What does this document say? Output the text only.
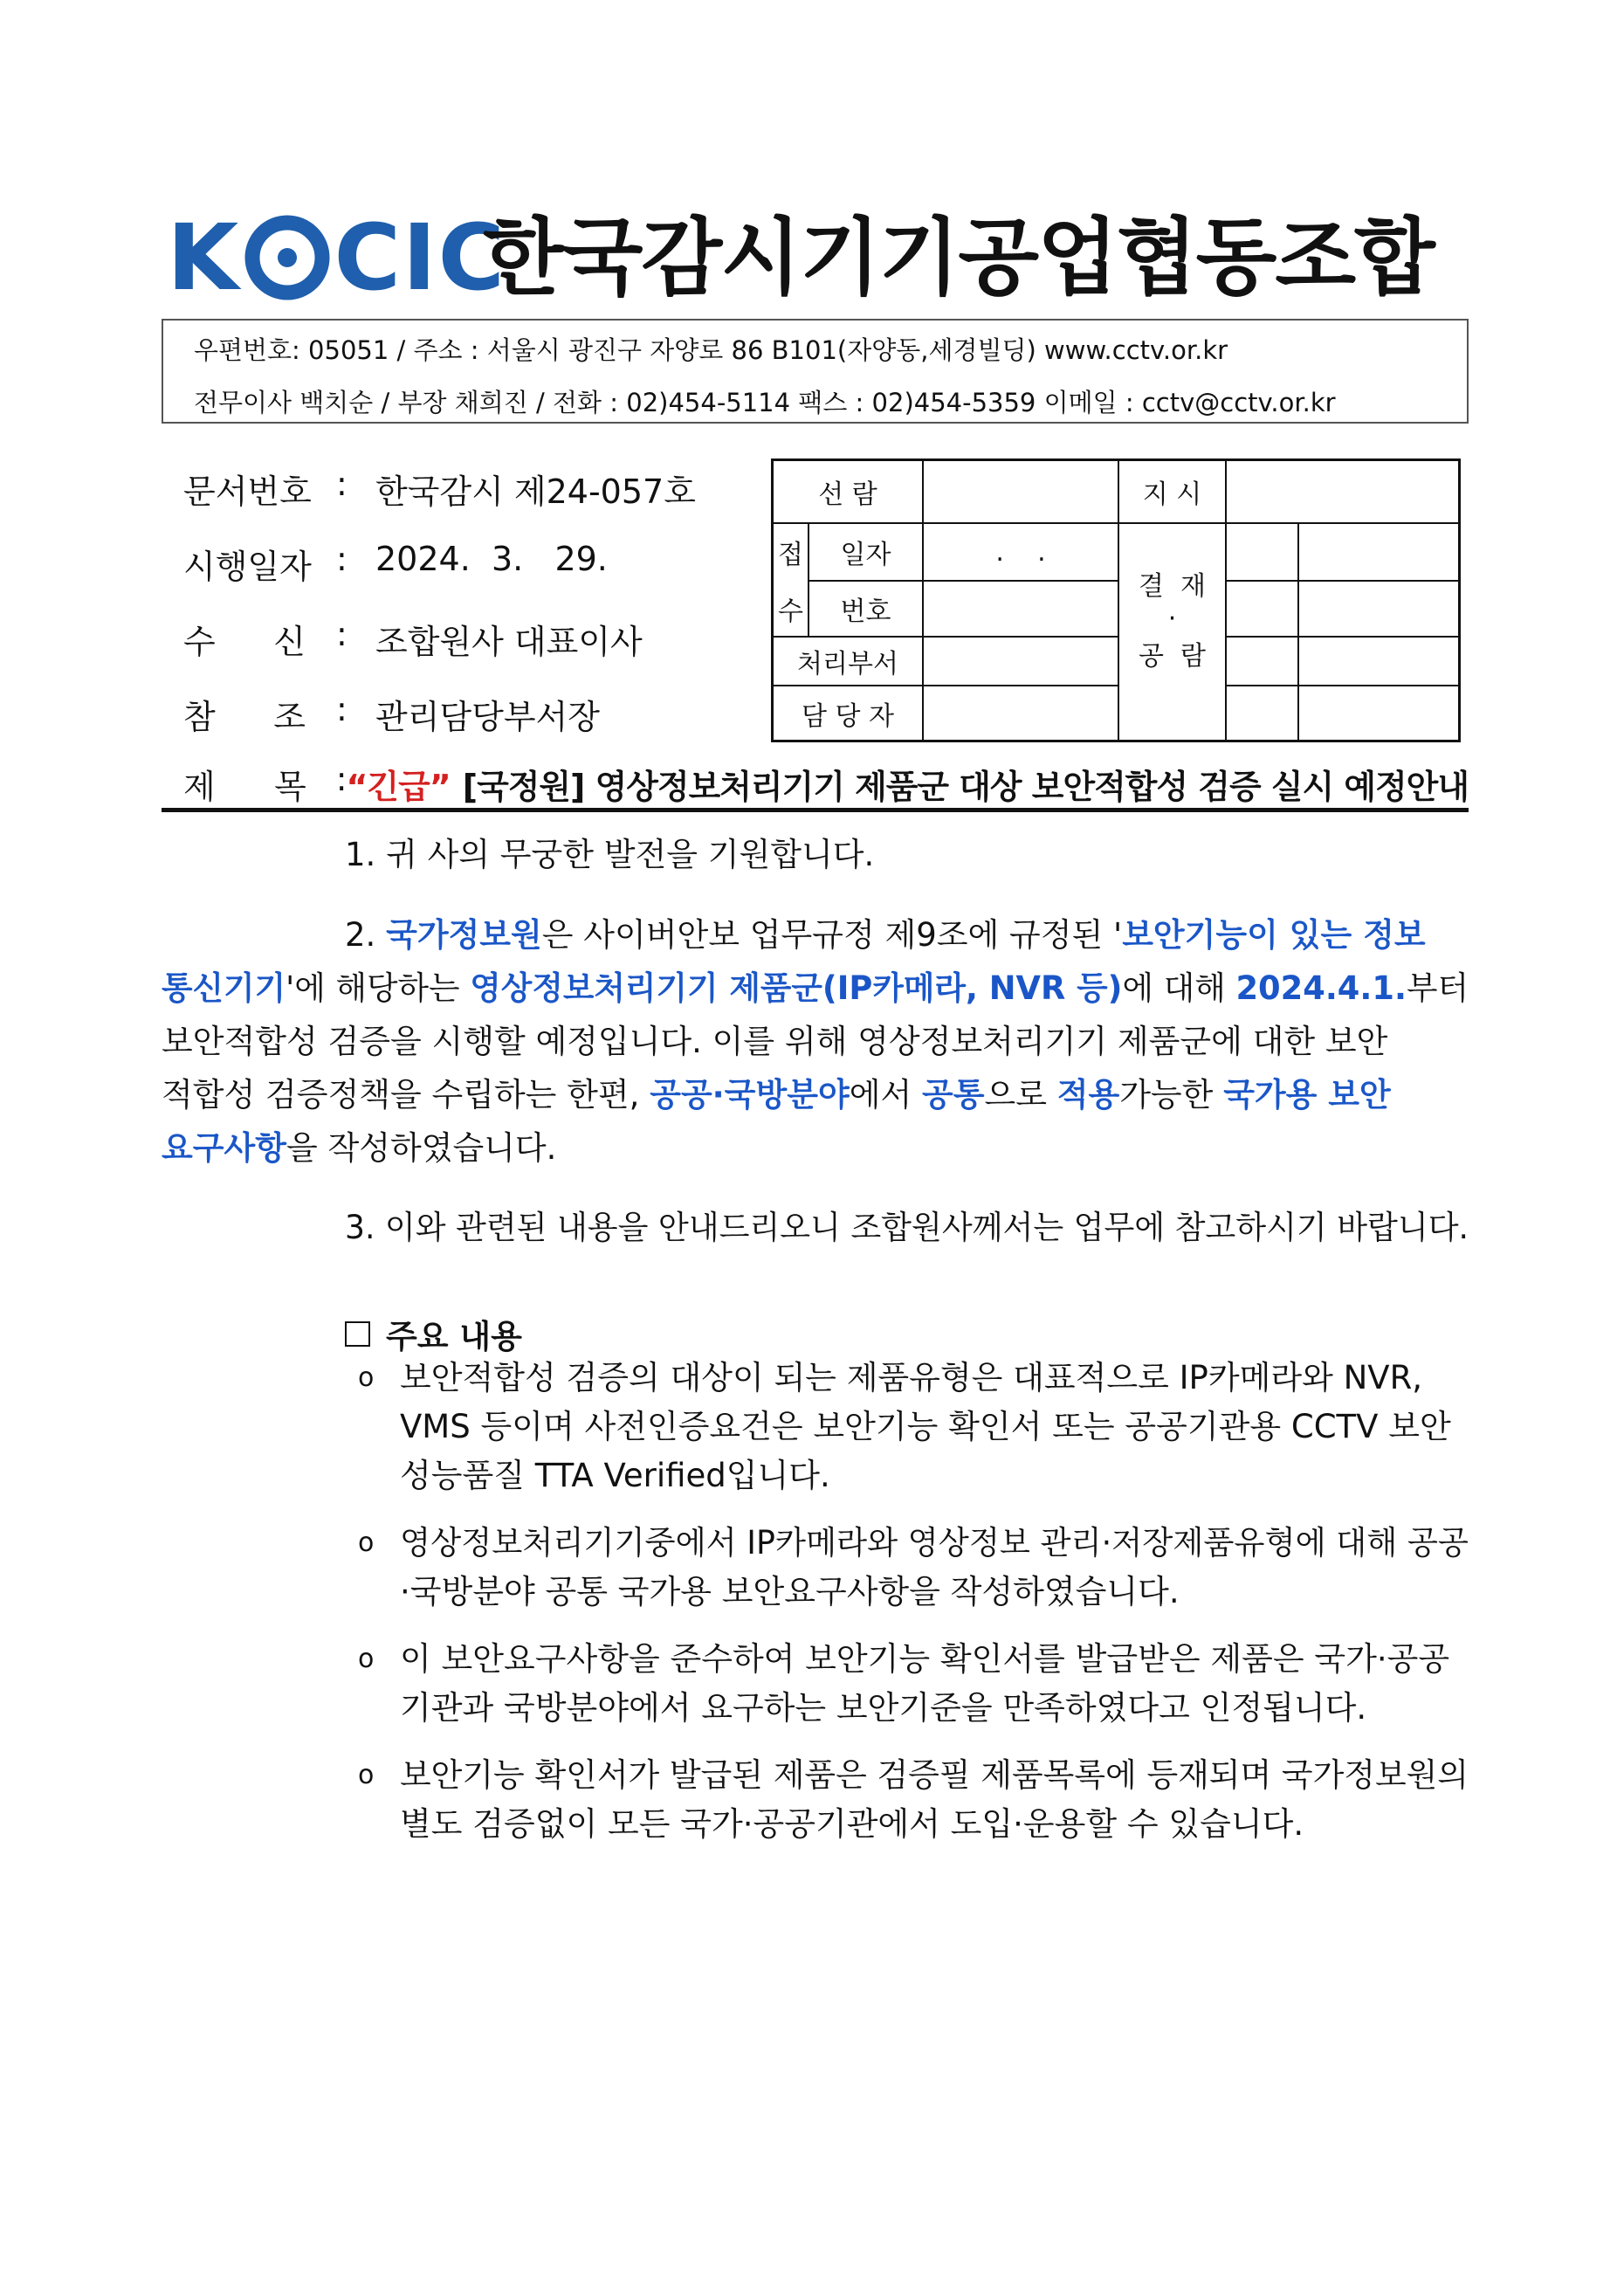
K CIC
한국감시기기공업협동조합
우편번호: 05051 / 주소 : 서울시 광진구 자양로 86 B101(자양동,세경빌딩) www.cctv.or.kr
전무이사 백치순 / 부장 채희진 / 전화 : 02)454-5114 팩스 : 02)454-5359 이메일 : cctv@cctv.or.kr
문서번호 : 한국감시 제24-057호
시행일자 : 2024.  3.   29.
수 신 : 조합원사 대표이사
참 조 : 관리담당부서장
제 목 : “긴급” [국정원] 영상정보처리기기 제품군 대상 보안적합성 검증 실시 예정안내
선 람
접
수
일자	.    .
번호
처리부서
담 당 자
지 시
결  재
·
공  람
1. 귀 사의 무궁한 발전을 기원합니다.
2. 국가정보원은 사이버안보 업무규정 제9조에 규정된 '보안기능이 있는 정보
통신기기'에 해당하는 영상정보처리기기 제품군(IP카메라, NVR 등)에 대해 2024.4.1.부터
보안적합성 검증을 시행할 예정입니다. 이를 위해 영상정보처리기기 제품군에 대한 보안
적합성 검증정책을 수립하는 한편, 공공·국방분야에서 공통으로 적용가능한 국가용 보안
요구사항을 작성하였습니다.
3. 이와 관련된 내용을 안내드리오니 조합원사께서는 업무에 참고하시기 바랍니다.
주요 내용
o 보안적합성 검증의 대상이 되는 제품유형은 대표적으로 IP카메라와 NVR,
VMS 등이며 사전인증요건은 보안기능 확인서 또는 공공기관용 CCTV 보안
성능품질 TTA Verified입니다.
o 영상정보처리기기중에서 IP카메라와 영상정보 관리·저장제품유형에 대해 공공
·국방분야 공통 국가용 보안요구사항을 작성하였습니다.
o 이 보안요구사항을 준수하여 보안기능 확인서를 발급받은 제품은 국가·공공
기관과 국방분야에서 요구하는 보안기준을 만족하였다고 인정됩니다.
o 보안기능 확인서가 발급된 제품은 검증필 제품목록에 등재되며 국가정보원의
별도 검증없이 모든 국가·공공기관에서 도입·운용할 수 있습니다.
